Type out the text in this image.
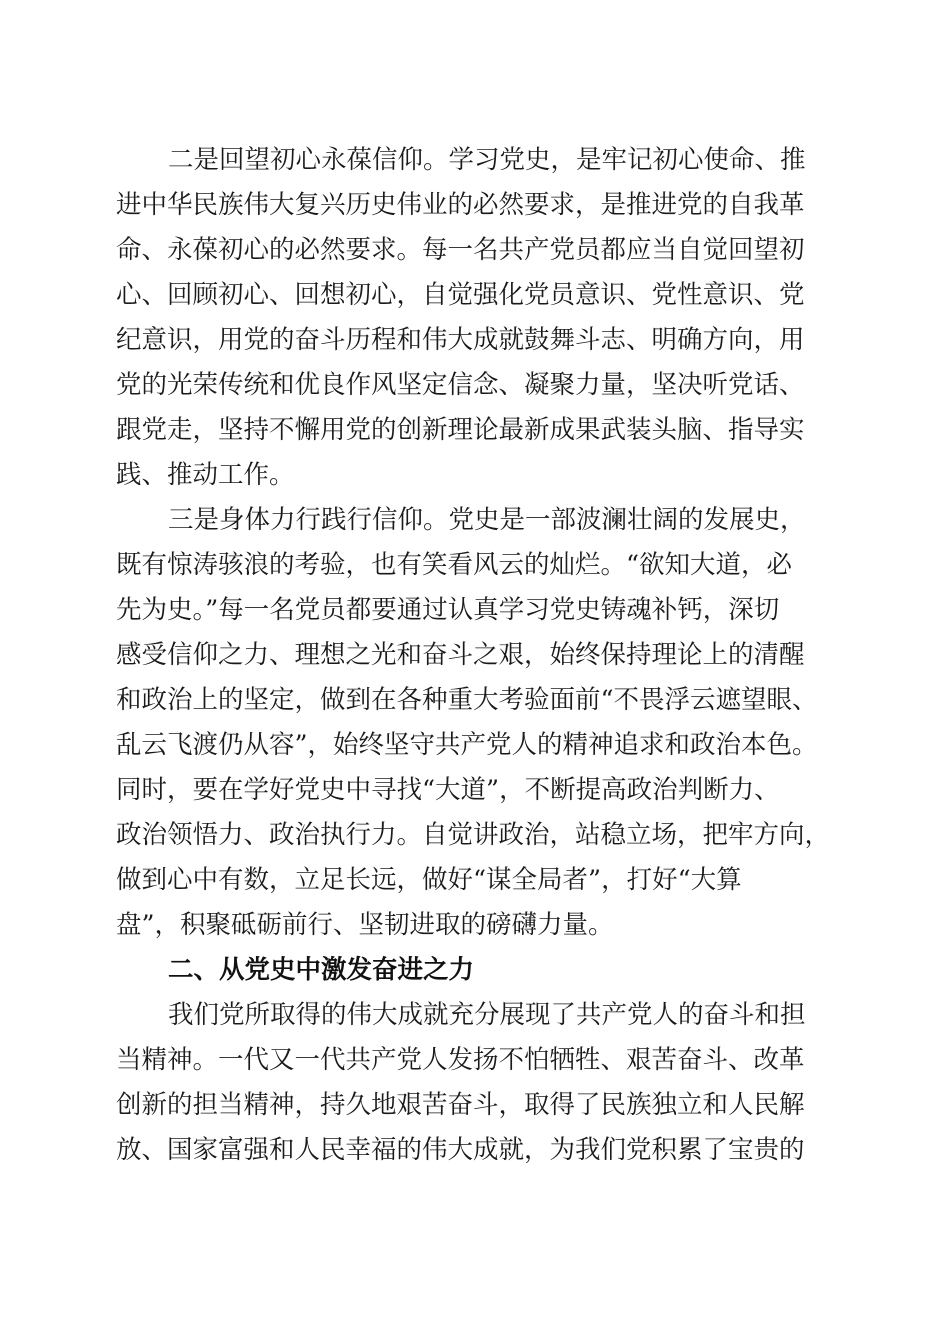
二是回望初心永葆信仰。学习党史，是牢记初心使命、推
进中华民族伟大复兴历史伟业的必然要求，是推进党的自我革
命、永葆初心的必然要求。每一名共产党员都应当自觉回望初
心、回顾初心、回想初心，自觉强化党员意识、党性意识、党
纪意识，用党的奋斗历程和伟大成就鼓舞斗志、明确方向，用
党的光荣传统和优良作风坚定信念、凝聚力量，坚决听党话、
跟党走，坚持不懈用党的创新理论最新成果武装头脑、指导实
践、推动工作。
三是身体力行践行信仰。党史是一部波澜壮阔的发展史，
既有惊涛骇浪的考验，也有笑看风云的灿烂。“欲知大道，必
先为史。”每一名党员都要通过认真学习党史铸魂补钙，深切
感受信仰之力、理想之光和奋斗之艰，始终保持理论上的清醒
和政治上的坚定，做到在各种重大考验面前“不畏浮云遮望眼、
乱云飞渡仍从容”，始终坚守共产党人的精神追求和政治本色。
同时，要在学好党史中寻找“大道”，不断提高政治判断力、
政治领悟力、政治执行力。自觉讲政治，站稳立场，把牢方向，
做到心中有数，立足长远，做好“谋全局者”，打好“大算
盘”，积聚砥砺前行、坚韧进取的磅礴力量。
二、从党史中激发奋进之力
我们党所取得的伟大成就充分展现了共产党人的奋斗和担
当精神。一代又一代共产党人发扬不怕牺牲、艰苦奋斗、改革
创新的担当精神，持久地艰苦奋斗，取得了民族独立和人民解
放、国家富强和人民幸福的伟大成就，为我们党积累了宝贵的
